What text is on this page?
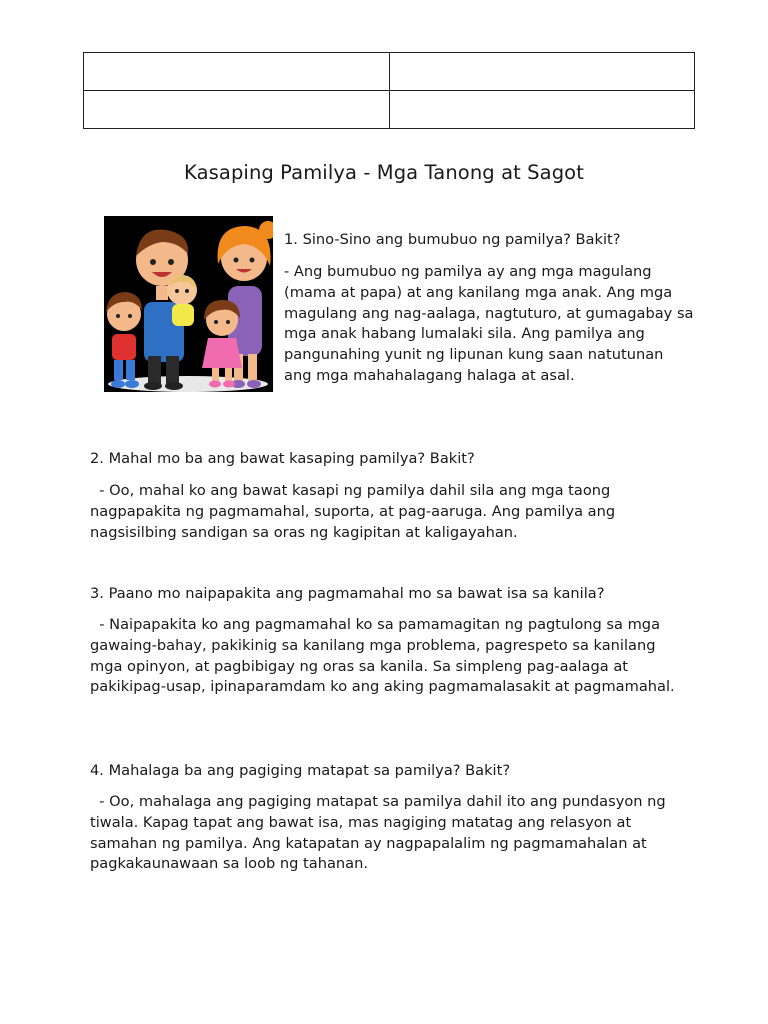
Kasaping Pamilya - Mga Tanong at Sagot
1. Sino-Sino ang bumubuo ng pamilya? Bakit?
- Ang bumubuo ng pamilya ay ang mga magulang (mama at papa) at ang kanilang mga anak. Ang mga magulang ang nag-aalaga, nagtuturo, at gumagabay sa mga anak habang lumalaki sila. Ang pamilya ang pangunahing yunit ng lipunan kung saan natutunan ang mga mahahalagang halaga at asal.
2. Mahal mo ba ang bawat kasaping pamilya? Bakit?
- Oo, mahal ko ang bawat kasapi ng pamilya dahil sila ang mga taong nagpapakita ng pagmamahal, suporta, at pag-aaruga. Ang pamilya ang nagsisilbing sandigan sa oras ng kagipitan at kaligayahan.
3. Paano mo naipapakita ang pagmamahal mo sa bawat isa sa kanila?
- Naipapakita ko ang pagmamahal ko sa pamamagitan ng pagtulong sa mga gawaing-bahay, pakikinig sa kanilang mga problema, pagrespeto sa kanilang mga opinyon, at pagbibigay ng oras sa kanila. Sa simpleng pag-aalaga at pakikipag-usap, ipinaparamdam ko ang aking pagmamalasakit at pagmamahal.
4. Mahalaga ba ang pagiging matapat sa pamilya? Bakit?
- Oo, mahalaga ang pagiging matapat sa pamilya dahil ito ang pundasyon ng tiwala. Kapag tapat ang bawat isa, mas nagiging matatag ang relasyon at samahan ng pamilya. Ang katapatan ay nagpapalalim ng pagmamahalan at pagkakaunawaan sa loob ng tahanan.
